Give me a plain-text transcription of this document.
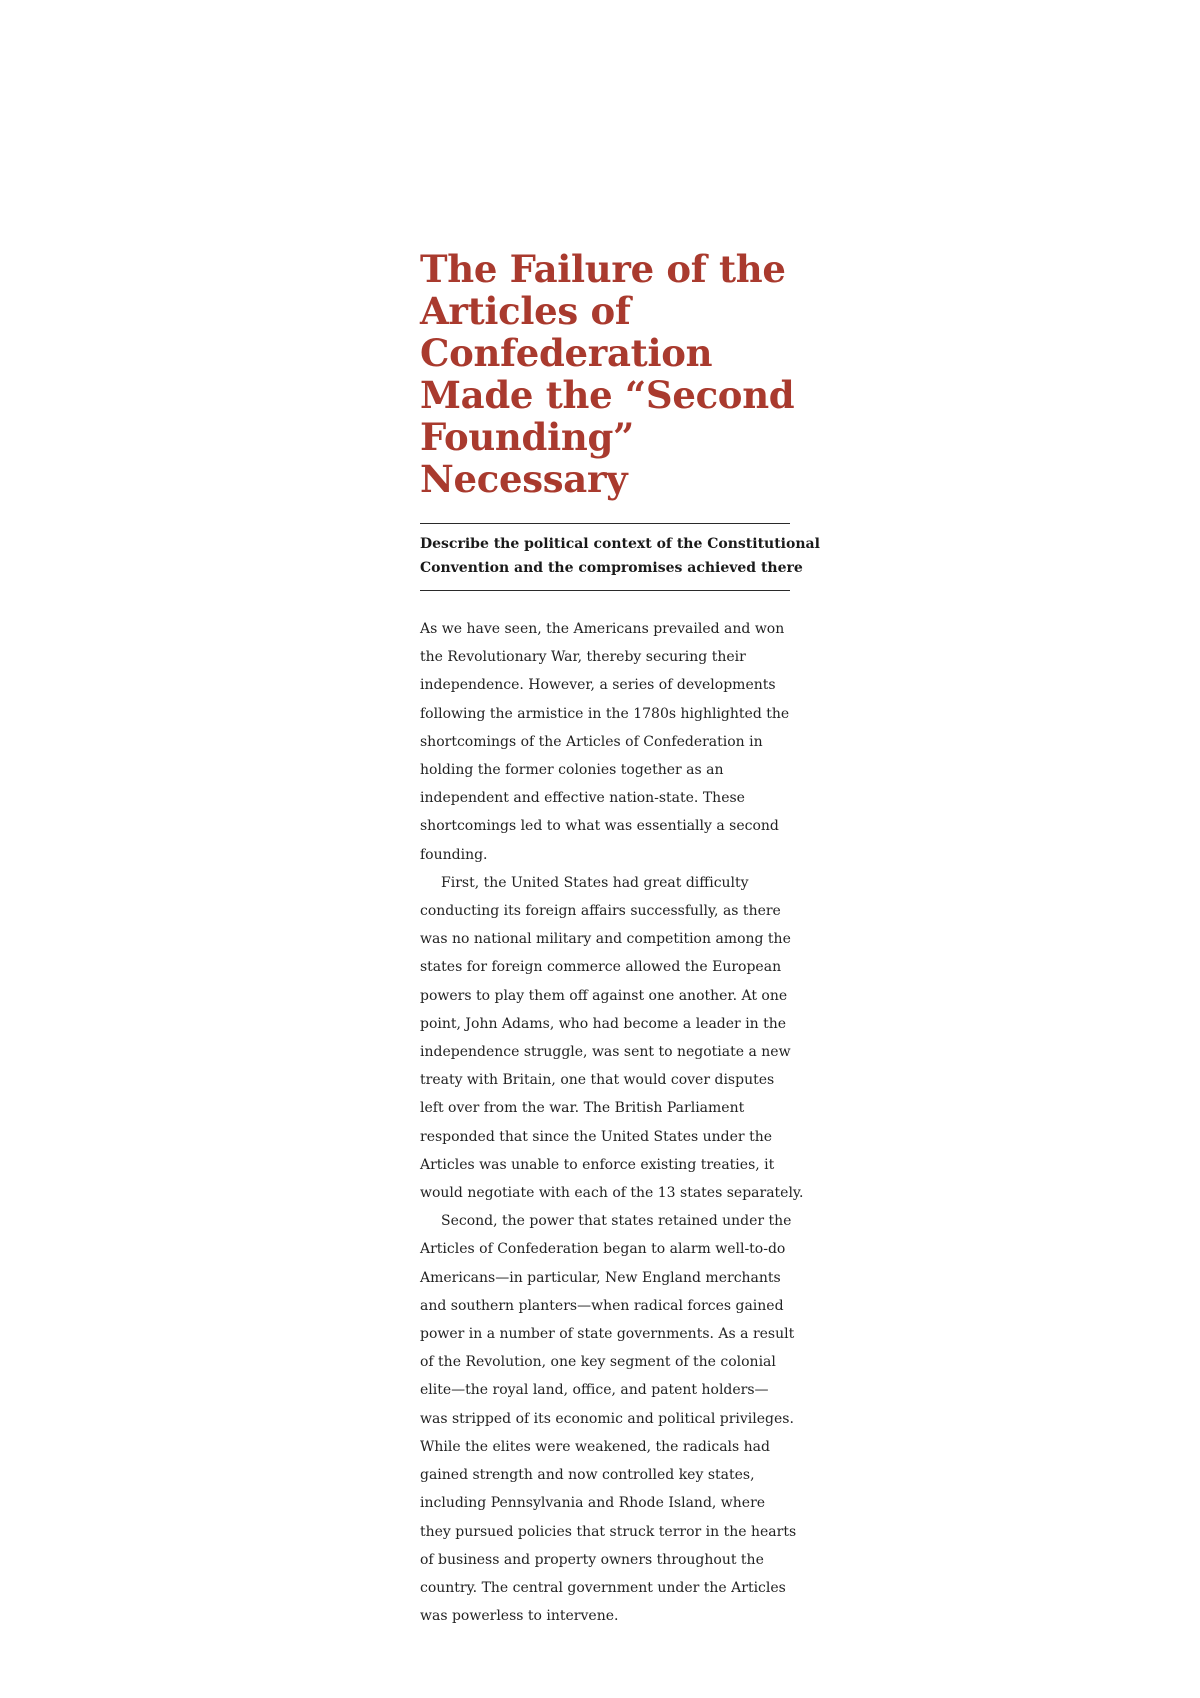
The Failure of the
Articles of
Confederation
Made the “Second
Founding”
Necessary

Describe the political context of the Constitutional
Convention and the compromises achieved there

As we have seen, the Americans prevailed and won
the Revolutionary War, thereby securing their
independence. However, a series of developments
following the armistice in the 1780s highlighted the
shortcomings of the Articles of Confederation in
holding the former colonies together as an
independent and effective nation-state. These
shortcomings led to what was essentially a second
founding.

First, the United States had great difficulty
conducting its foreign affairs successfully, as there
was no national military and competition among the
states for foreign commerce allowed the European
powers to play them off against one another. At one
point, John Adams, who had become a leader in the
independence struggle, was sent to negotiate a new
treaty with Britain, one that would cover disputes
left over from the war. The British Parliament
responded that since the United States under the
Articles was unable to enforce existing treaties, it
would negotiate with each of the 13 states separately.

Second, the power that states retained under the
Articles of Confederation began to alarm well-to-do
Americans—in particular, New England merchants
and southern planters—when radical forces gained
power in a number of state governments. As a result
of the Revolution, one key segment of the colonial
elite—the royal land, office, and patent holders—
was stripped of its economic and political privileges.
While the elites were weakened, the radicals had
gained strength and now controlled key states,
including Pennsylvania and Rhode Island, where
they pursued policies that struck terror in the hearts
of business and property owners throughout the
country. The central government under the Articles
was powerless to intervene.
